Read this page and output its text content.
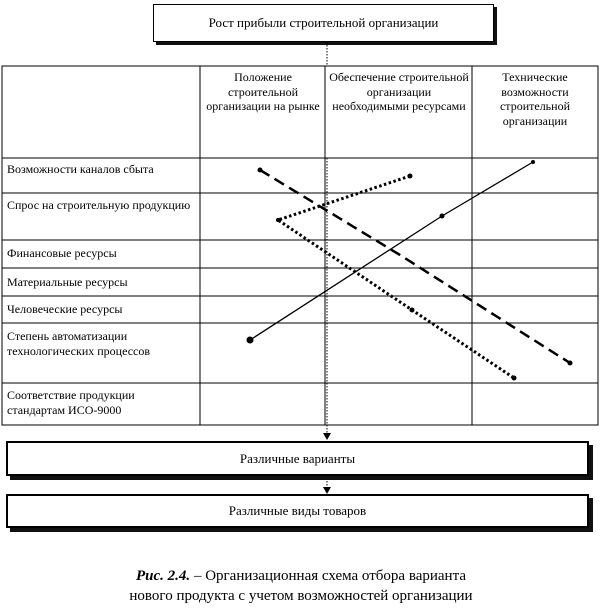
Рост прибыли строительной организации
Положение строительной организации на рынке
Обеспечение строительной организации необходимыми ресурсами
Технические возможности строительной организации
Возможности каналов сбыта
Спрос на строительную продукцию
Финансовые ресурсы
Материальные ресурсы
Человеческие ресурсы
Степень автоматизации технологических процессов
Соответствие продукции стандартам ИСО-9000
Различные варианты
Различные виды товаров
Рис. 2.4. – Организационная схема отбора варианта
нового продукта с учетом возможностей организации
